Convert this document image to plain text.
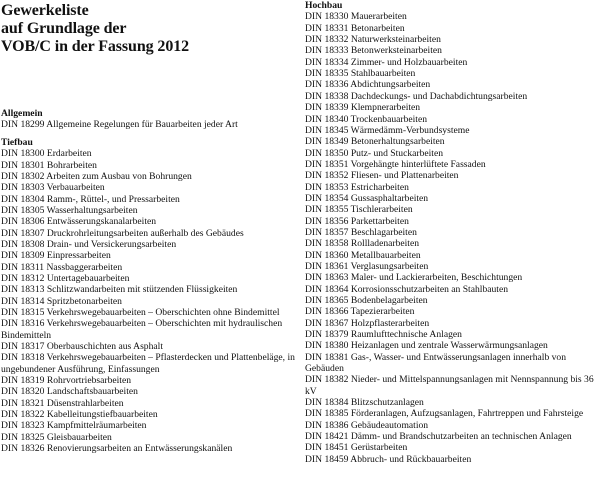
Gewerkeliste

auf Grundlage der

VOB/C in der Fassung 2012

Allgemein

DIN 18299 Allgemeine Regelungen für Bauarbeiten jeder Art

Tiefbau

DIN 18300 Erdarbeiten

DIN 18301 Bohrarbeiten

DIN 18302 Arbeiten zum Ausbau von Bohrungen

DIN 18303 Verbauarbeiten

DIN 18304 Ramm-, Rüttel-, und Pressarbeiten

DIN 18305 Wasserhaltungsarbeiten

DIN 18306 Entwässerungskanalarbeiten

DIN 18307 Druckrohrleitungsarbeiten außerhalb des Gebäudes

DIN 18308 Drain- und Versickerungsarbeiten

DIN 18309 Einpressarbeiten

DIN 18311 Nassbaggerarbeiten

DIN 18312 Untertagebauarbeiten

DIN 18313 Schlitzwandarbeiten mit stützenden Flüssigkeiten

DIN 18314 Spritzbetonarbeiten

DIN 18315 Verkehrswegebauarbeiten – Oberschichten ohne Bindemittel

DIN 18316 Verkehrswegebauarbeiten – Oberschichten mit hydraulischen Bindemitteln

DIN 18317 Oberbauschichten aus Asphalt

DIN 18318 Verkehrswegebauarbeiten – Pflasterdecken und Plattenbeläge, in ungebundener Ausführung, Einfassungen

DIN 18319 Rohrvortriebsarbeiten

DIN 18320 Landschaftsbauarbeiten

DIN 18321 Düsenstrahlarbeiten

DIN 18322 Kabelleitungstiefbauarbeiten

DIN 18323 Kampfmittelräumarbeiten

DIN 18325 Gleisbauarbeiten

DIN 18326 Renovierungsarbeiten an Entwässerungskanälen

Hochbau

DIN 18330 Mauerarbeiten

DIN 18331 Betonarbeiten

DIN 18332 Naturwerksteinarbeiten

DIN 18333 Betonwerksteinarbeiten

DIN 18334 Zimmer- und Holzbauarbeiten

DIN 18335 Stahlbauarbeiten

DIN 18336 Abdichtungsarbeiten

DIN 18338 Dachdeckungs- und Dachabdichtungsarbeiten

DIN 18339 Klempnerarbeiten

DIN 18340 Trockenbauarbeiten

DIN 18345 Wärmedämm-Verbundsysteme

DIN 18349 Betonerhaltungsarbeiten

DIN 18350 Putz- und Stuckarbeiten

DIN 18351 Vorgehängte hinterlüftete Fassaden

DIN 18352 Fliesen- und Plattenarbeiten

DIN 18353 Estricharbeiten

DIN 18354 Gussasphaltarbeiten

DIN 18355 Tischlerarbeiten

DIN 18356 Parkettarbeiten

DIN 18357 Beschlagarbeiten

DIN 18358 Rollladenarbeiten

DIN 18360 Metallbauarbeiten

DIN 18361 Verglasungsarbeiten

DIN 18363 Maler- und Lackierarbeiten, Beschichtungen

DIN 18364 Korrosionsschutzarbeiten an Stahlbauten

DIN 18365 Bodenbelagarbeiten

DIN 18366 Tapezierarbeiten

DIN 18367 Holzpflasterarbeiten

DIN 18379 Raumlufttechnische Anlagen

DIN 18380 Heizanlagen und zentrale Wasserwärmungsanlagen

DIN 18381 Gas-, Wasser- und Entwässerungsanlagen innerhalb von Gebäuden

DIN 18382 Nieder- und Mittelspannungsanlagen mit Nennspannung bis 36 kV

DIN 18384 Blitzschutzanlagen

DIN 18385 Förderanlagen, Aufzugsanlagen, Fahrtreppen und Fahrsteige

DIN 18386 Gebäudeautomation

DIN 18421 Dämm- und Brandschutzarbeiten an technischen Anlagen

DIN 18451 Gerüstarbeiten

DIN 18459 Abbruch- und Rückbauarbeiten
